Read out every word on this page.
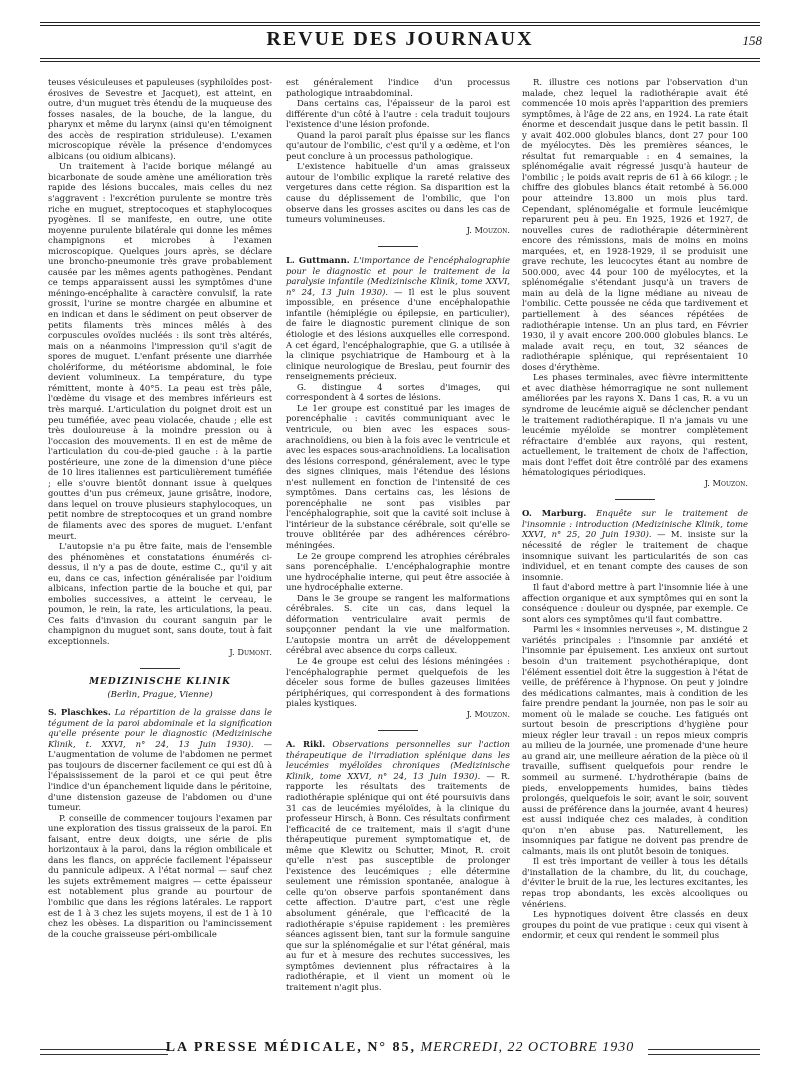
REVUE DES JOURNAUX	158

teuses vésiculeuses et papuleuses (syphiloïdes post-érosives de Sevestre et Jacquet), est atteint, en outre, d'un muguet très étendu de la muqueuse des fosses nasales, de la bouche, de la langue, du pharynx et même du larynx (ainsi qu'en témoignent des accès de respiration striduleuse). L'examen microscopique révèle la présence d'endomyces albicans (ou oidium albicans).

Un traitement à l'acide borique mélangé au bicarbonate de soude amène une amélioration très rapide des lésions buccales, mais celles du nez s'aggravent : l'excrétion purulente se montre très riche en muguet, streptocoques et staphylocoques pyogènes. Il se manifeste, en outre, une otite moyenne purulente bilatérale qui donne les mêmes champignons et microbes à l'examen microscopique. Quelques jours après, se déclare une broncho-pneumonie très grave probablement causée par les mêmes agents pathogènes. Pendant ce temps apparaissent aussi les symptômes d'une méningo-encéphalite à caractère convulsif, la rate grossit, l'urine se montre chargée en albumine et en indican et dans le sédiment on peut observer de petits filaments très minces mêlés à des corpuscules ovoïdes nucléés : ils sont très altérés, mais on a néanmoins l'impression qu'il s'agit de spores de muguet. L'enfant présente une diarrhée cholériforme, du météorisme abdominal, le foie devient volumineux. La température, du type rémittent, monte à 40°5. La peau est très pâle, l'œdème du visage et des membres inférieurs est très marqué. L'articulation du poignet droit est un peu tuméfiée, avec peau violacée, chaude ; elle est très douloureuse à la moindre pression ou à l'occasion des mouvements. Il en est de même de l'articulation du cou-de-pied gauche : à la partie postérieure, une zone de la dimension d'une pièce de 10 lires italiennes est particulièrement tuméfiée ; elle s'ouvre bientôt donnant issue à quelques gouttes d'un pus crémeux, jaune grisâtre, inodore, dans lequel on trouve plusieurs staphylocoques, un petit nombre de streptocoques et un grand nombre de filaments avec des spores de muguet. L'enfant meurt.

L'autopsie n'a pu être faite, mais de l'ensemble des phénomènes et constatations énumérés ci-dessus, il n'y a pas de doute, estime C., qu'il y ait eu, dans ce cas, infection généralisée par l'oidium albicans, infection partie de la bouche et qui, par embolies successives, a atteint le cerveau, le poumon, le rein, la rate, les articulations, la peau. Ces faits d'invasion du courant sanguin par le champignon du muguet sont, sans doute, tout à fait exceptionnels.

J. Dumont.
MEDIZINISCHE KLINIK
(Berlin, Prague, Vienne)

S. Plaschkes. La répartition de la graisse dans le tégument de la paroi abdominale et la signification qu'elle présente pour le diagnostic (Medizinische Klinik, t. XXVI, n° 24, 13 Juin 1930). — L'augmentation de volume de l'abdomen ne permet pas toujours de discerner facilement ce qui est dû à l'épaississement de la paroi et ce qui peut être l'indice d'un épanchement liquide dans le péritoine, d'une distension gazeuse de l'abdomen ou d'une tumeur.

P. conseille de commencer toujours l'examen par une exploration des tissus graisseux de la paroi. En faisant, entre deux doigts, une série de plis horizontaux à la paroi, dans la région ombilicale et dans les flancs, on apprécie facilement l'épaisseur du pannicule adipeux. A l'état normal — sauf chez les sujets extrêmement maigres — cette épaisseur est notablement plus grande au pourtour de l'ombilic que dans les régions latérales. Le rapport est de 1 à 3 chez les sujets moyens, il est de 1 à 10 chez les obèses. La disparition ou l'amincissement de la couche graisseuse péri-ombilicale

est généralement l'indice d'un processus pathologique intraabdominal.

Dans certains cas, l'épaisseur de la paroi est différente d'un côté à l'autre : cela traduit toujours l'existence d'une lésion profonde.

Quand la paroi paraît plus épaisse sur les flancs qu'autour de l'ombilic, c'est qu'il y a œdème, et l'on peut conclure à un processus pathologique.

L'existence habituelle d'un amas graisseux autour de l'ombilic explique la rareté relative des vergetures dans cette région. Sa disparition est la cause du déplissement de l'ombilic, que l'on observe dans les grosses ascites ou dans les cas de tumeurs volumineuses.

J. Mouzon.

L. Guttmann. L'importance de l'encéphalographie pour le diagnostic et pour le traitement de la paralysie infantile (Medizinische Klinik, tome XXVI, n° 24, 13 Juin 1930). — Il est le plus souvent impossible, en présence d'une encéphalopathie infantile (hémiplégie ou épilepsie, en particulier), de faire le diagnostic purement clinique de son étiologie et des lésions auxquelles elle correspond. A cet égard, l'encéphalographie, que G. a utilisée à la clinique psychiatrique de Hambourg et à la clinique neurologique de Breslau, peut fournir des renseignements précieux.

G. distingue 4 sortes d'images, qui correspondent à 4 sortes de lésions.

Le 1er groupe est constitué par les images de porencéphalie : cavités communiquant avec le ventricule, ou bien avec les espaces sous-arachnoïdiens, ou bien à la fois avec le ventricule et avec les espaces sous-arachnoïdiens. La localisation des lésions correspond, généralement, avec le type des signes cliniques, mais l'étendue des lésions n'est nullement en fonction de l'intensité de ces symptômes. Dans certains cas, les lésions de porencéphalie ne sont pas visibles par l'encéphalographie, soit que la cavité soit incluse à l'intérieur de la substance cérébrale, soit qu'elle se trouve oblitérée par des adhérences cérébro-méningées.

Le 2e groupe comprend les atrophies cérébrales sans porencéphalie. L'encéphalographie montre une hydrocéphalie interne, qui peut être associée à une hydrocéphalie externe.

Dans le 3e groupe se rangent les malformations cérébrales. S. cite un cas, dans lequel la déformation ventriculaire avait permis de soupçonner pendant la vie une malformation. L'autopsie montra un arrêt de développement cérébral avec absence du corps calleux.

Le 4e groupe est celui des lésions méningées : l'encéphalographie permet quelquefois de les déceler sous forme de bulles gazeuses limitées périphériques, qui correspondent à des formations piales kystiques.

J. Mouzon.

A. Rikl. Observations personnelles sur l'action thérapeutique de l'irradiation splénique dans les leucémies myéloïdes chroniques (Medizinische Klinik, tome XXVI, n° 24, 13 Juin 1930). — R. rapporte les résultats des traitements de radiothérapie splénique qui ont été poursuivis dans 31 cas de leucémies myéloïdes, à la clinique du professeur Hirsch, à Bonn. Ces résultats confirment l'efficacité de ce traitement, mais il s'agit d'une thérapeutique purement symptomatique et, de même que Klewitz ou Schutter, Minot, R. croit qu'elle n'est pas susceptible de prolonger l'existence des leucémiques ; elle détermine seulement une rémission spontanée, analogue à celle qu'on observe parfois spontanément dans cette affection. D'autre part, c'est une règle absolument générale, que l'efficacité de la radiothérapie s'épuise rapidement : les premières séances agissent bien, tant sur la formule sanguine que sur la splénomégalie et sur l'état général, mais au fur et à mesure des rechutes successives, les symptômes deviennent plus réfractaires à la radiothérapie, et il vient un moment où le traitement n'agit plus.

R. illustre ces notions par l'observation d'un malade, chez lequel la radiothérapie avait été commencée 10 mois après l'apparition des premiers symptômes, à l'âge de 22 ans, en 1924. La rate était énorme et descendait jusque dans le petit bassin. Il y avait 402.000 globules blancs, dont 27 pour 100 de myélocytes. Dès les premières séances, le résultat fut remarquable : en 4 semaines, la splénomégalie avait régressé jusqu'à hauteur de l'ombilic ; le poids avait repris de 61 à 66 kilogr. ; le chiffre des globules blancs était retombé à 56.000 pour atteindre 13.800 un mois plus tard. Cependant, splénomégalie et formule leucémique reparurent peu à peu. En 1925, 1926 et 1927, de nouvelles cures de radiothérapie déterminèrent encore des rémissions, mais de moins en moins marquées, et, en 1928-1929, il se produisit une grave rechute, les leucocytes étant au nombre de 500.000, avec 44 pour 100 de myélocytes, et la splénomégalie s'étendant jusqu'à un travers de main au delà de la ligne médiane au niveau de l'ombilic. Cette poussée ne céda que tardivement et partiellement à des séances répétées de radiothérapie intense. Un an plus tard, en Février 1930, il y avait encore 200.000 globules blancs. Le malade avait reçu, en tout, 32 séances de radiothérapie splénique, qui représentaient 10 doses d'érythème.

Les phases terminales, avec fièvre intermittente et avec diathèse hémorragique ne sont nullement améliorées par les rayons X. Dans 1 cas, R. a vu un syndrome de leucémie aiguë se déclencher pendant le traitement radiothérapique. Il n'a jamais vu une leucémie myéloïde se montrer complètement réfractaire d'emblée aux rayons, qui restent, actuellement, le traitement de choix de l'affection, mais dont l'effet doit être contrôlé par des examens hématologiques périodiques.

J. Mouzon.

O. Marburg. Enquête sur le traitement de l'insomnie : introduction (Medizinische Klinik, tome XXVI, n° 25, 20 Juin 1930). — M. insiste sur la nécessité de régler le traitement de chaque insomnique suivant les particularités de son cas individuel, et en tenant compte des causes de son insomnie.

Il faut d'abord mettre à part l'insomnie liée à une affection organique et aux symptômes qui en sont la conséquence : douleur ou dyspnée, par exemple. Ce sont alors ces symptômes qu'il faut combattre.

Parmi les « insomnies nerveuses », M. distingue 2 variétés principales : l'insomnie par anxiété et l'insomnie par épuisement. Les anxieux ont surtout besoin d'un traitement psychothérapique, dont l'élément essentiel doit être la suggestion à l'état de veille, de préférence à l'hypnose. On peut y joindre des médications calmantes, mais à condition de les faire prendre pendant la journée, non pas le soir au moment où le malade se couche. Les fatigués ont surtout besoin de prescriptions d'hygiène pour mieux régler leur travail : un repos mieux compris au milieu de la journée, une promenade d'une heure au grand air, une meilleure aération de la pièce où il travaille, suffisent quelquefois pour rendre le sommeil au surmené. L'hydrothérapie (bains de pieds, enveloppements humides, bains tièdes prolongés, quelquefois le soir, avant le soir, souvent aussi de préférence dans la journée, avant 4 heures) est aussi indiquée chez ces malades, à condition qu'on n'en abuse pas. Naturellement, les insomniques par fatigue ne doivent pas prendre de calmants, mais ils ont plutôt besoin de toniques.

Il est très important de veiller à tous les détails d'installation de la chambre, du lit, du couchage, d'éviter le bruit de la rue, les lectures excitantes, les repas trop abondants, les excès alcooliques ou vénériens.

Les hypnotiques doivent être classés en deux groupes du point de vue pratique : ceux qui visent à endormir, et ceux qui rendent le sommeil plus

LA PRESSE MÉDICALE, N° 85, MERCREDI, 22 OCTOBRE 1930
